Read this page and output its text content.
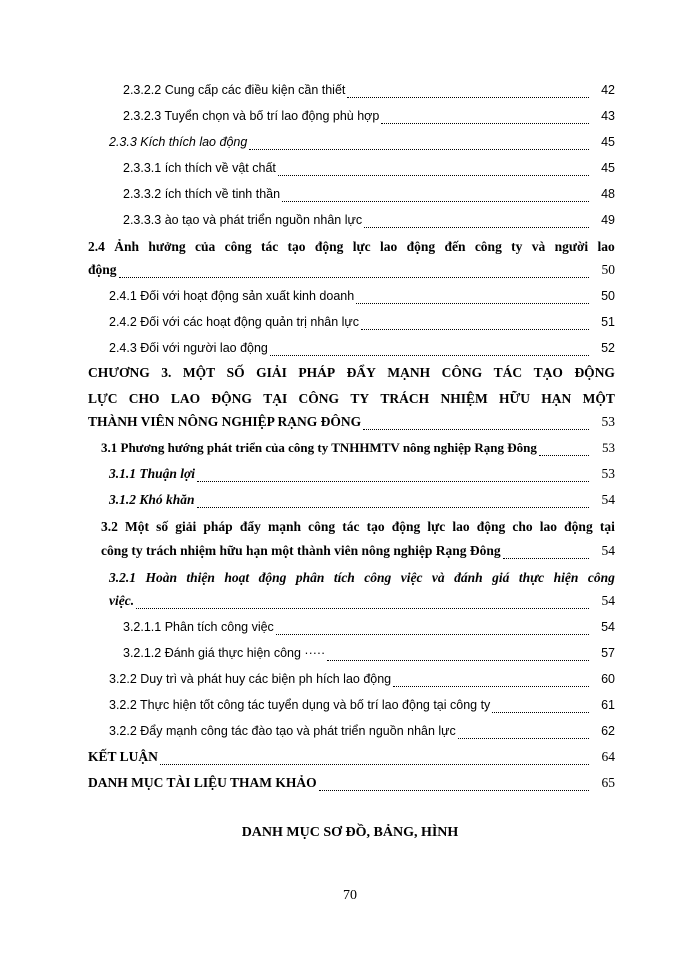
2.3.2.2 Cung cấp các điều kiện cần thiết	42
2.3.2.3 Tuyển chọn và bố trí lao động phù hợp	43
2.3.3 Kích thích lao động	45
2.3.3.1 ích thích về vật chất	45
2.3.3.2 ích thích về tinh thần	48
2.3.3.3 ào tạo và phát triển nguồn nhân lực	49
2.4 Ảnh hưởng của công tác tạo động lực lao động đến công ty và người lao
động	50
2.4.1 Đối với hoạt động sản xuất kinh doanh	50
2.4.2 Đối với các hoạt động quản trị nhân lực	51
2.4.3 Đối với người lao động	52
CHƯƠNG 3. MỘT SỐ GIẢI PHÁP ĐẨY MẠNH CÔNG TÁC TẠO ĐỘNG
LỰC CHO LAO ĐỘNG TẠI CÔNG TY TRÁCH NHIỆM HỮU HẠN MỘT
THÀNH VIÊN NÔNG NGHIỆP RẠNG ĐÔNG	53
3.1 Phương hướng phát triển của công ty TNHHMTV nông nghiệp Rạng Đông	53
3.1.1 Thuận lợi	53
3.1.2 Khó khăn	54
3.2 Một số giải pháp đẩy mạnh công tác tạo động lực lao động cho lao động tại
công ty trách nhiệm hữu hạn một thành viên nông nghiệp Rạng Đông	54
3.2.1 Hoàn thiện hoạt động phân tích công việc và đánh giá thực hiện công
việc.	54
3.2.1.1 Phân tích công việc	54
3.2.1.2 Đánh giá thực hiện công ·····	57
3.2.2 Duy trì và phát huy các biện ph hích lao động	60
3.2.2 Thực hiện tốt công tác tuyển dụng và bố trí lao động tại công ty	61
3.2.2 Đẩy mạnh công tác đào tạo và phát triển nguồn nhân lực	62
KẾT LUẬN	64
DANH MỤC TÀI LIỆU THAM KHẢO	65
DANH MỤC SƠ ĐỒ, BẢNG, HÌNH
70
